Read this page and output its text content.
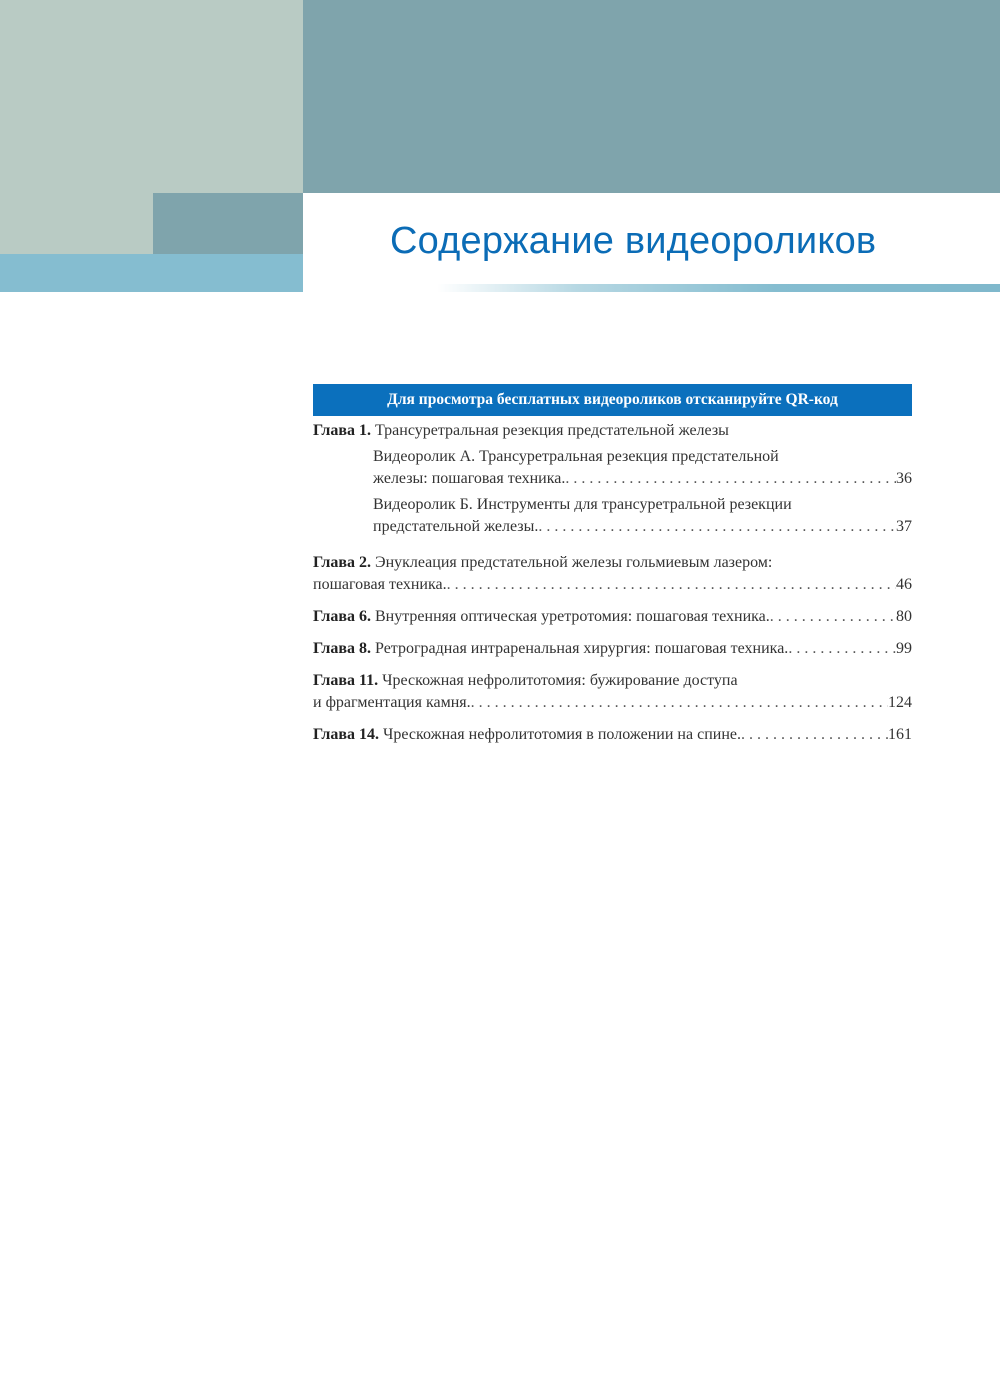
Содержание видеороликов
Для просмотра бесплатных видеороликов отсканируйте QR-код
Глава 1. Трансуретральная резекция предстательной железы
Видеоролик А. Трансуретральная резекция предстательной
железы: пошаговая техника. . . .	36
Видеоролик Б. Инструменты для трансуретральной резекции
предстательной железы. . . .	37
Глава 2. Энуклеация предстательной железы гольмиевым лазером:
пошаговая техника. . . .	46
Глава 6. Внутренняя оптическая уретротомия: пошаговая техника. . . .	80
Глава 8. Ретроградная интраренальная хирургия: пошаговая техника. . . .	99
Глава 11. Чрескожная нефролитотомия: бужирование доступа
и фрагментация камня. . . .	124
Глава 14. Чрескожная нефролитотомия в положении на спине. . . .	161
